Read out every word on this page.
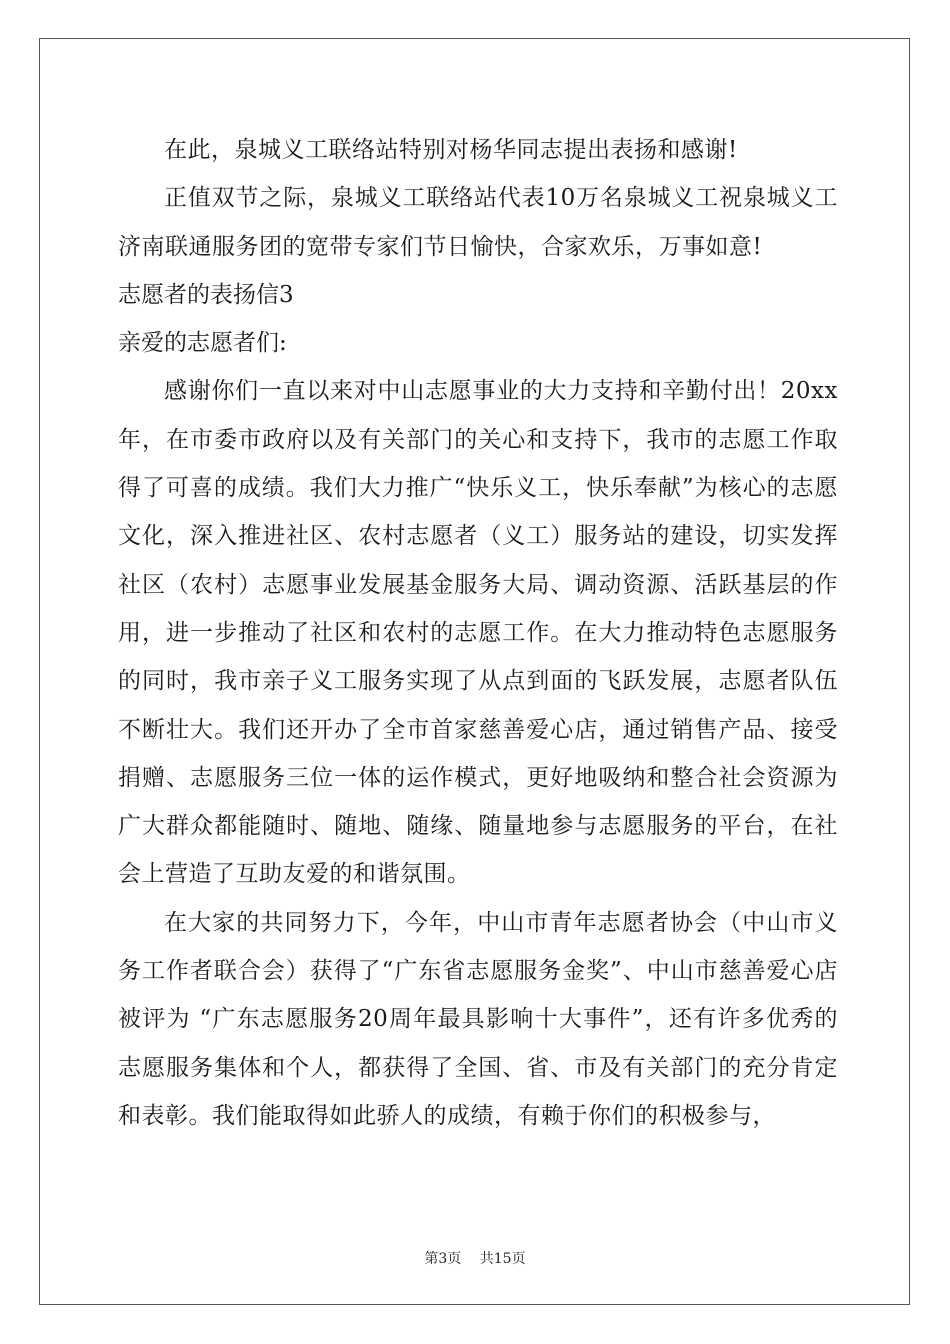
在此，泉城义工联络站特别对杨华同志提出表扬和感谢!

正值双节之际，泉城义工联络站代表10万名泉城义工祝泉城义工济南联通服务团的宽带专家们节日愉快，合家欢乐，万事如意!

志愿者的表扬信3

亲爱的志愿者们:

感谢你们一直以来对中山志愿事业的大力支持和辛勤付出！20xx年，在市委市政府以及有关部门的关心和支持下，我市的志愿工作取得了可喜的成绩。我们大力推广“快乐义工，快乐奉献”为核心的志愿文化，深入推进社区、农村志愿者（义工）服务站的建设，切实发挥社区（农村）志愿事业发展基金服务大局、调动资源、活跃基层的作用，进一步推动了社区和农村的志愿工作。在大力推动特色志愿服务的同时，我市亲子义工服务实现了从点到面的飞跃发展，志愿者队伍不断壮大。我们还开办了全市首家慈善爱心店，通过销售产品、接受捐赠、志愿服务三位一体的运作模式，更好地吸纳和整合社会资源为广大群众都能随时、随地、随缘、随量地参与志愿服务的平台，在社会上营造了互助友爱的和谐氛围。

在大家的共同努力下，今年，中山市青年志愿者协会（中山市义务工作者联合会）获得了“广东省志愿服务金奖”、中山市慈善爱心店被评为 “广东志愿服务20周年最具影响十大事件”，还有许多优秀的志愿服务集体和个人，都获得了全国、省、市及有关部门的充分肯定和表彰。我们能取得如此骄人的成绩，有赖于你们的积极参与，

第3页 共15页
